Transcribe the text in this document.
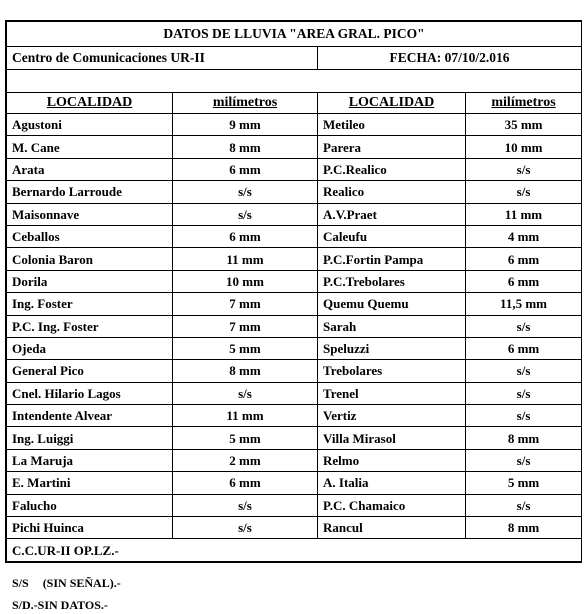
DATOS DE LLUVIA "AREA GRAL. PICO"			
Centro de Comunicaciones UR-II		FECHA: 07/10/2.016	

LOCALIDAD	milímetros	LOCALIDAD	milímetros
Agustoni	9 mm	Metileo	35 mm
M. Cane	8 mm	Parera	10 mm
Arata	6 mm	P.C.Realico	s/s
Bernardo Larroude	s/s	Realico	s/s
Maisonnave	s/s	A.V.Praet	11 mm
Ceballos	6 mm	Caleufu	4 mm
Colonia Baron	11 mm	P.C.Fortin Pampa	6 mm
Dorila	10 mm	P.C.Trebolares	6 mm
Ing. Foster	7 mm	Quemu Quemu	11,5 mm
P.C. Ing. Foster	7 mm	Sarah	s/s
Ojeda	5 mm	Speluzzi	6 mm
General Pico	8 mm	Trebolares	s/s
Cnel. Hilario Lagos	s/s	Trenel	s/s
Intendente Alvear	11 mm	Vertiz	s/s
Ing. Luiggi	5 mm	Villa Mirasol	8 mm
La Maruja	2 mm	Relmo	s/s
E. Martini	6 mm	A. Italia	5 mm
Falucho	s/s	P.C. Chamaico	s/s
Pichi Huinca	s/s	Rancul	8 mm
C.C.UR-II OP.LZ.-			
S/S (SIN SEÑAL).-
S/D.-SIN DATOS.-
